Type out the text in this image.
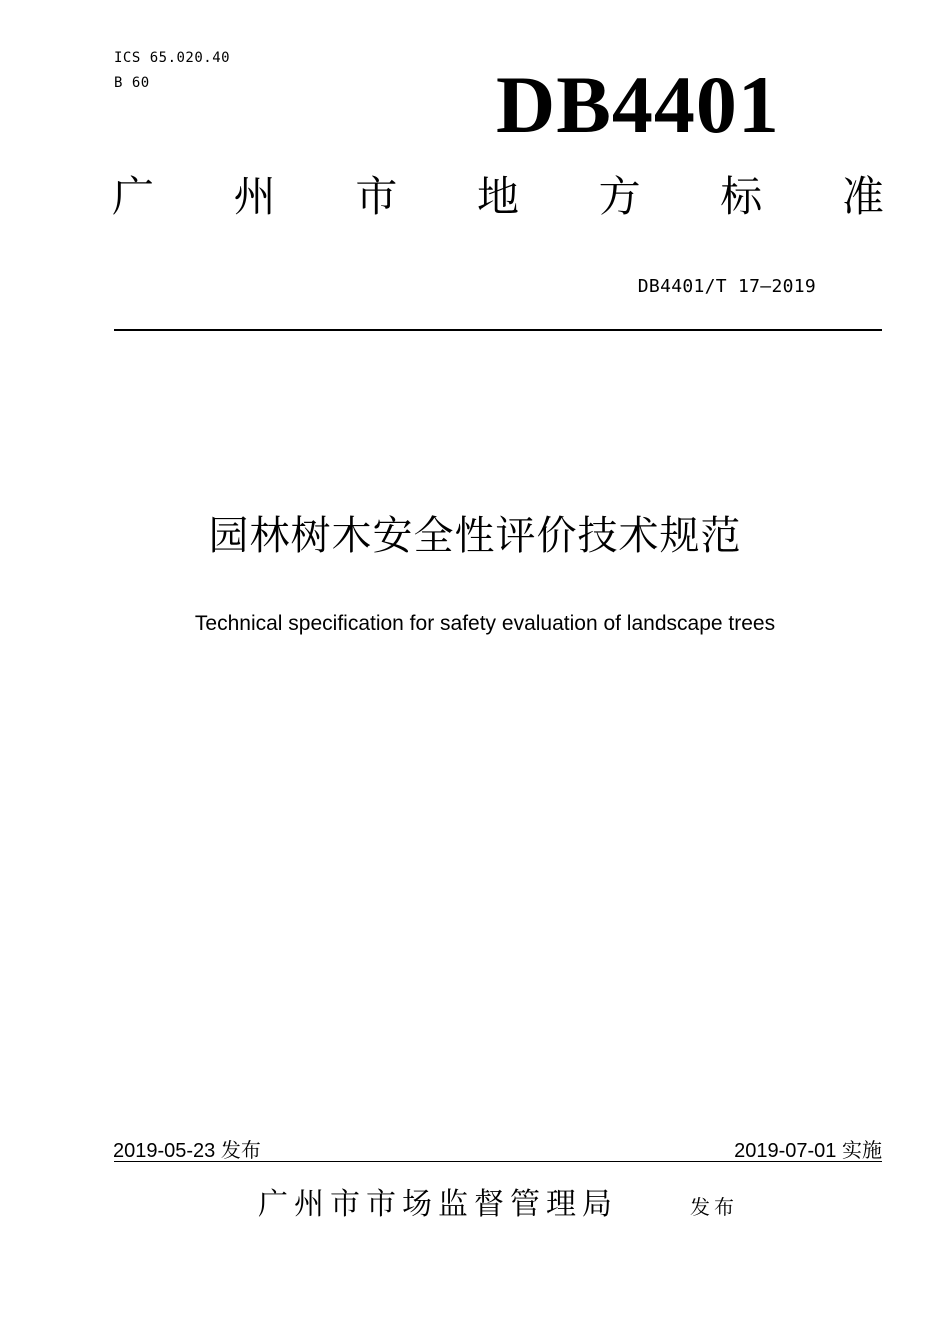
ICS 65.020.40
B 60	DB4401
广 州 市 地 方 标 准
DB4401/T 17—2019
园林树木安全性评价技术规范
Technical specification for safety evaluation of landscape trees
2019-05-23 发布	2019-07-01 实施
广州市市场监督管理局	发布
